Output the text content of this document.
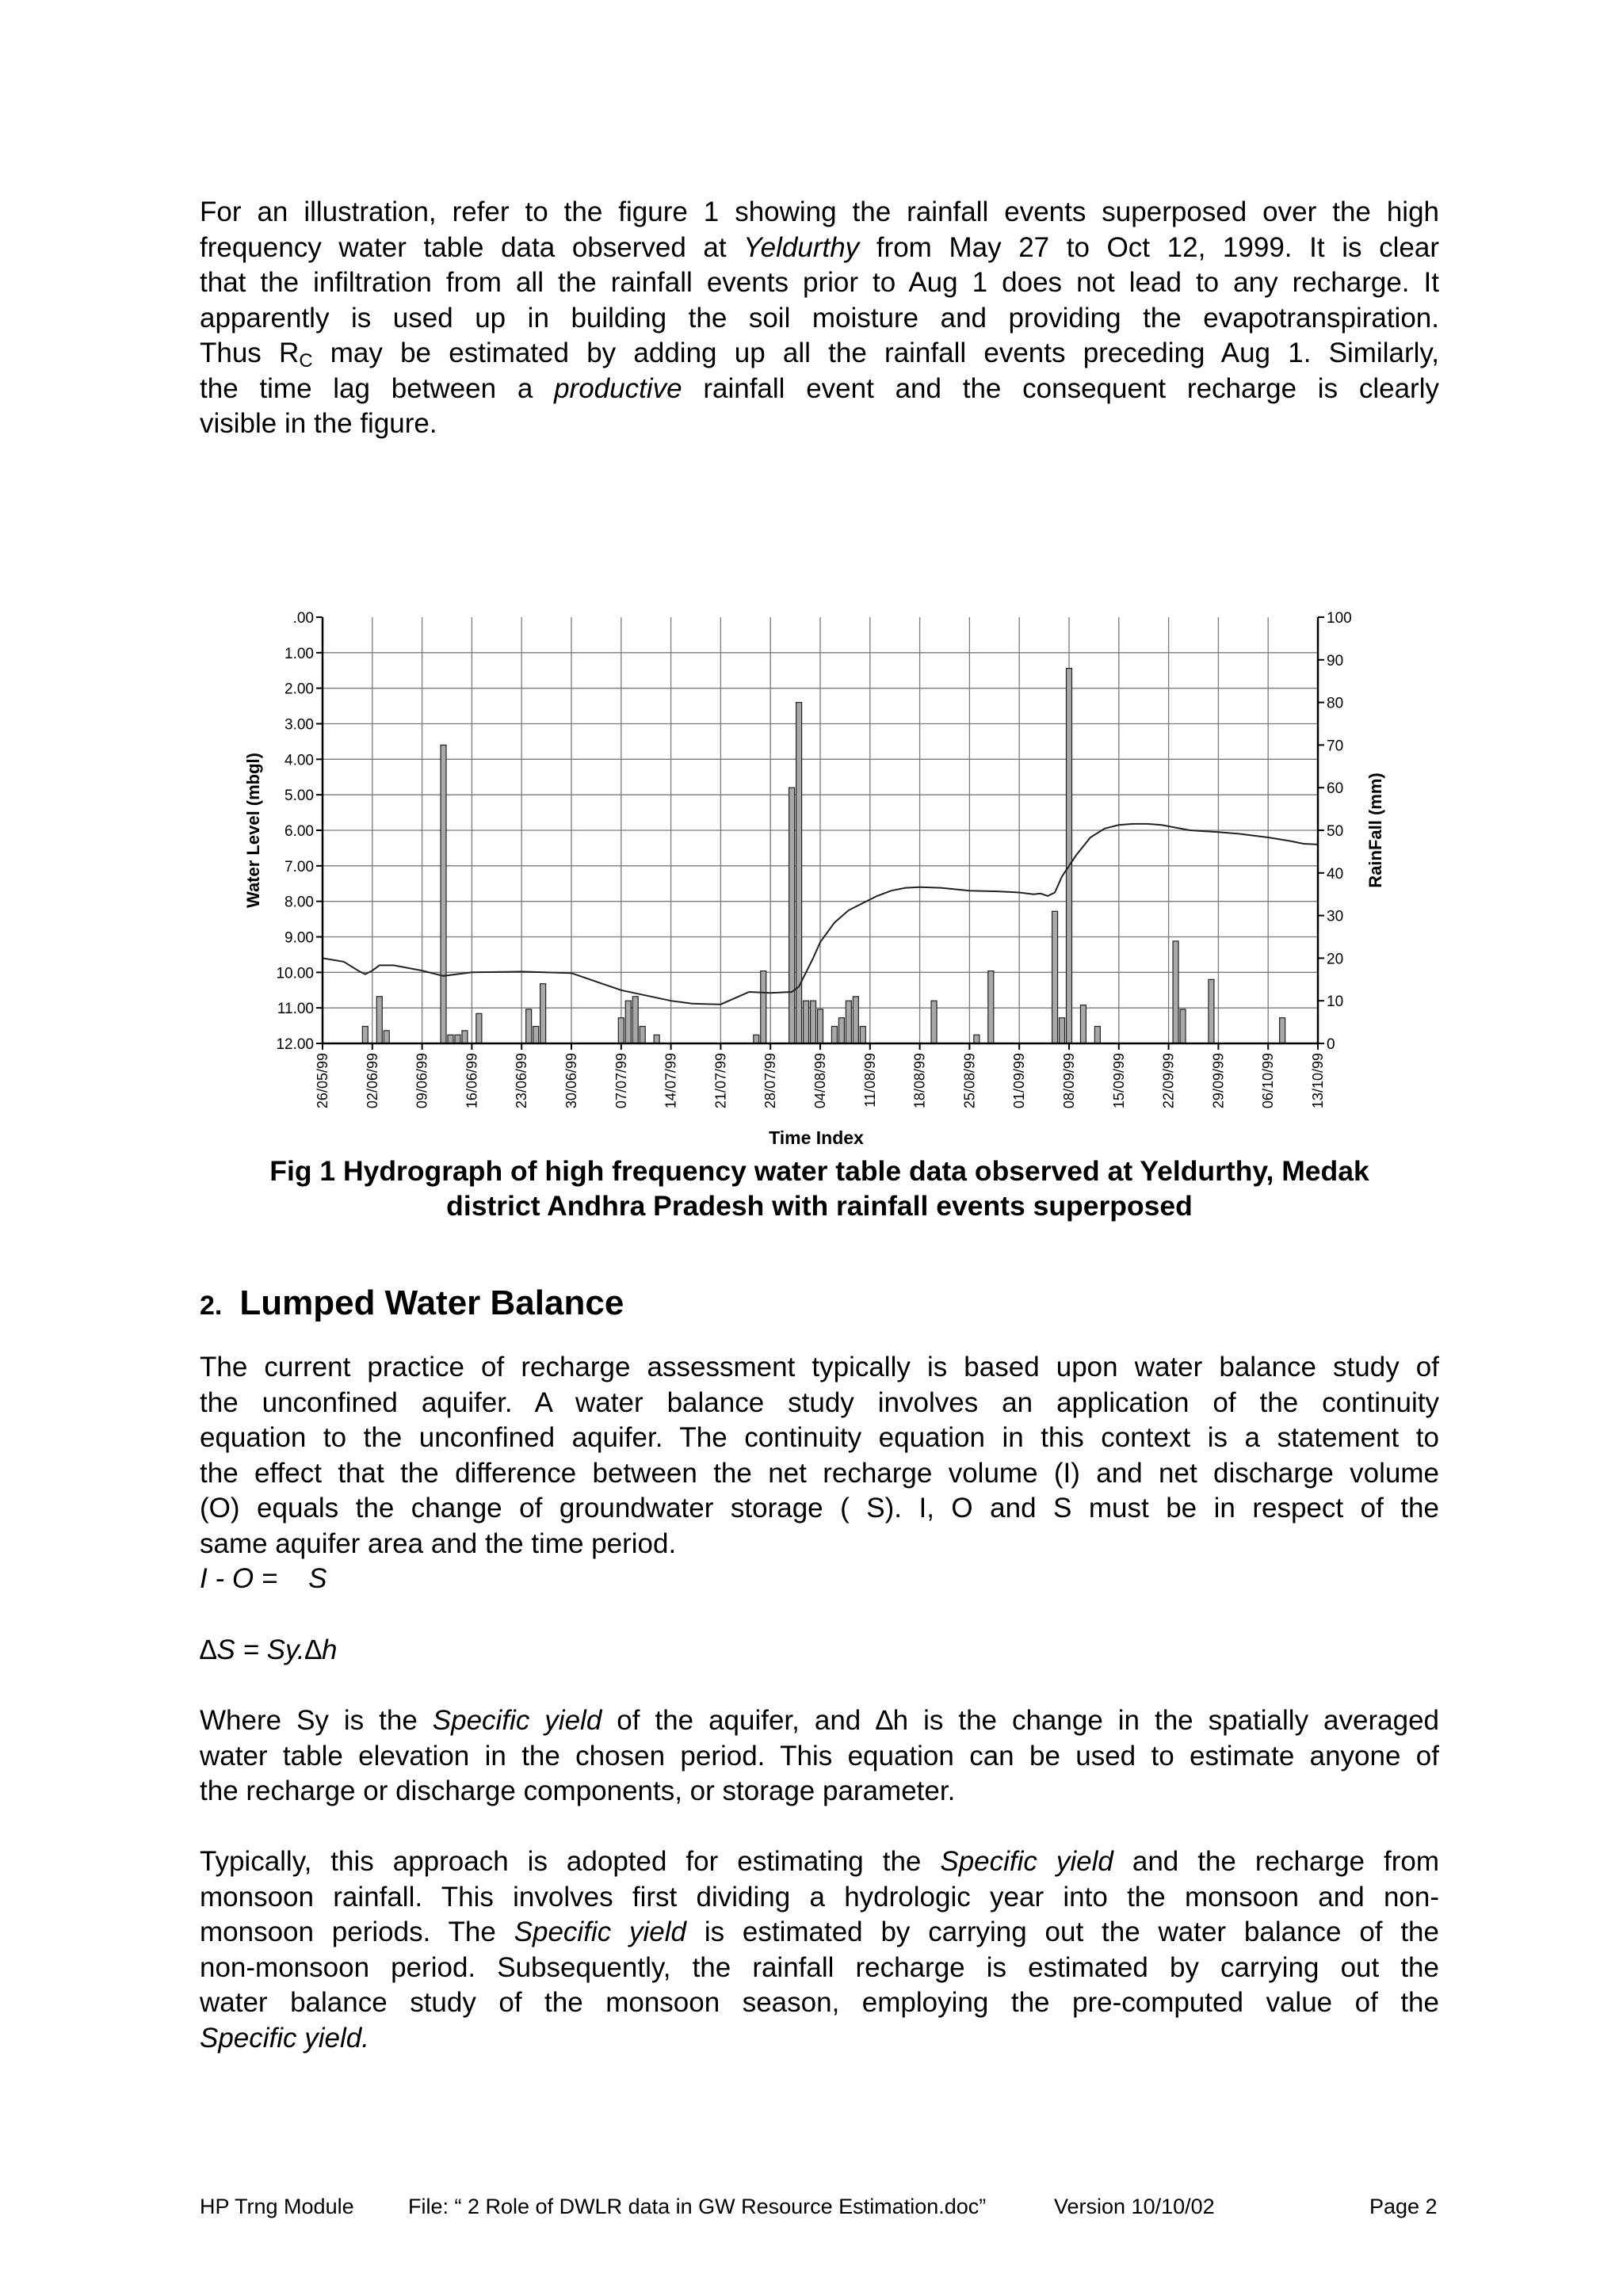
For an illustration, refer to the figure 1 showing the rainfall events superposed over the high
frequency water table data observed at Yeldurthy from May 27 to Oct 12, 1999. It is clear
that the infiltration from all the rainfall events prior to Aug 1 does not lead to any recharge. It
apparently is used up in building the soil moisture and providing the evapotranspiration.
Thus $R_C$ may be estimated by adding up all the rainfall events preceding Aug 1. Similarly,
the time lag between a productive rainfall event and the consequent recharge is clearly
visible in the figure.
.00
1.00
2.00
3.00
4.00
5.00
6.00
7.00
8.00
9.00
10.00
11.00
12.00
100
90
80
70
60
50
40
30
20
10
0
26/05/99 02/06/99 09/06/99 16/06/99 23/06/99 30/06/99 07/07/99 14/07/99 21/07/99 28/07/99 04/08/99 11/08/99 18/08/99 25/08/99 01/09/99 08/09/99 15/09/99 22/09/99 29/09/99 06/10/99 13/10/99
Water Level (mbgl)	RainFall (mm)
Time Index

Fig 1 Hydrograph of high frequency water table data observed at Yeldurthy, Medak

district Andhra Pradesh with rainfall events superposed

2. Lumped Water Balance
The current practice of recharge assessment typically is based upon water balance study of
the unconfined aquifer. A water balance study involves an application of the continuity
equation to the unconfined aquifer. The continuity equation in this context is a statement to
the effect that the difference between the net recharge volume (I) and net discharge volume
(O) equals the change of groundwater storage ( S). I, O and S must be in respect of the
same aquifer area and the time period.

I - O =    S

∆S = Sy.∆h

Where Sy is the Specific yield of the aquifer, and ∆h is the change in the spatially averaged
water table elevation in the chosen period. This equation can be used to estimate anyone of
the recharge or discharge components, or storage parameter.
Typically, this approach is adopted for estimating the Specific yield and the recharge from
monsoon rainfall. This involves first dividing a hydrologic year into the monsoon and non-
monsoon periods. The Specific yield is estimated by carrying out the water balance of the
non-monsoon period. Subsequently, the rainfall recharge is estimated by carrying out the
water balance study of the monsoon season, employing the pre-computed value of the
Specific yield.
HP Trng Module	File: “ 2 Role of DWLR data in GW Resource Estimation.doc”	Version 10/10/02	Page 2
